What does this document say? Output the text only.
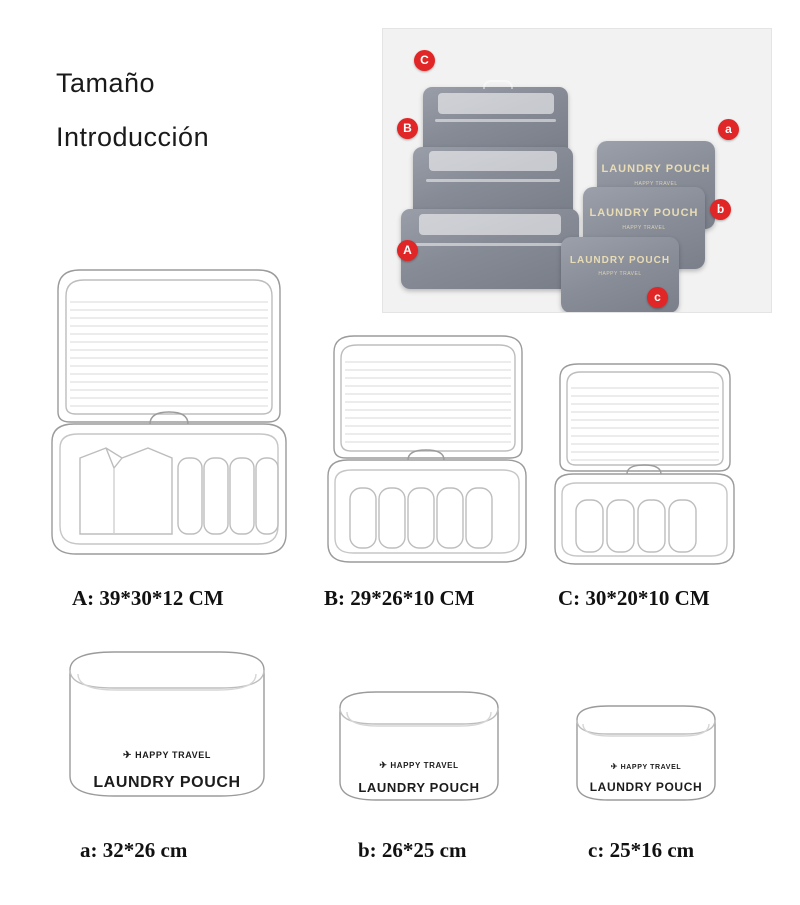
Tamaño
Introducción
LAUNDRY POUCH
HAPPY TRAVEL
LAUNDRY POUCH
HAPPY TRAVEL
LAUNDRY POUCH
HAPPY TRAVEL
C
B
A
a
b
c
A: 39*30*12 CM	B: 29*26*10 CM	C: 30*20*10 CM
✈ HAPPY TRAVEL
LAUNDRY POUCH
✈ HAPPY TRAVEL
LAUNDRY POUCH
✈ HAPPY TRAVEL
LAUNDRY POUCH
a: 32*26 cm	b: 26*25 cm	c: 25*16 cm
